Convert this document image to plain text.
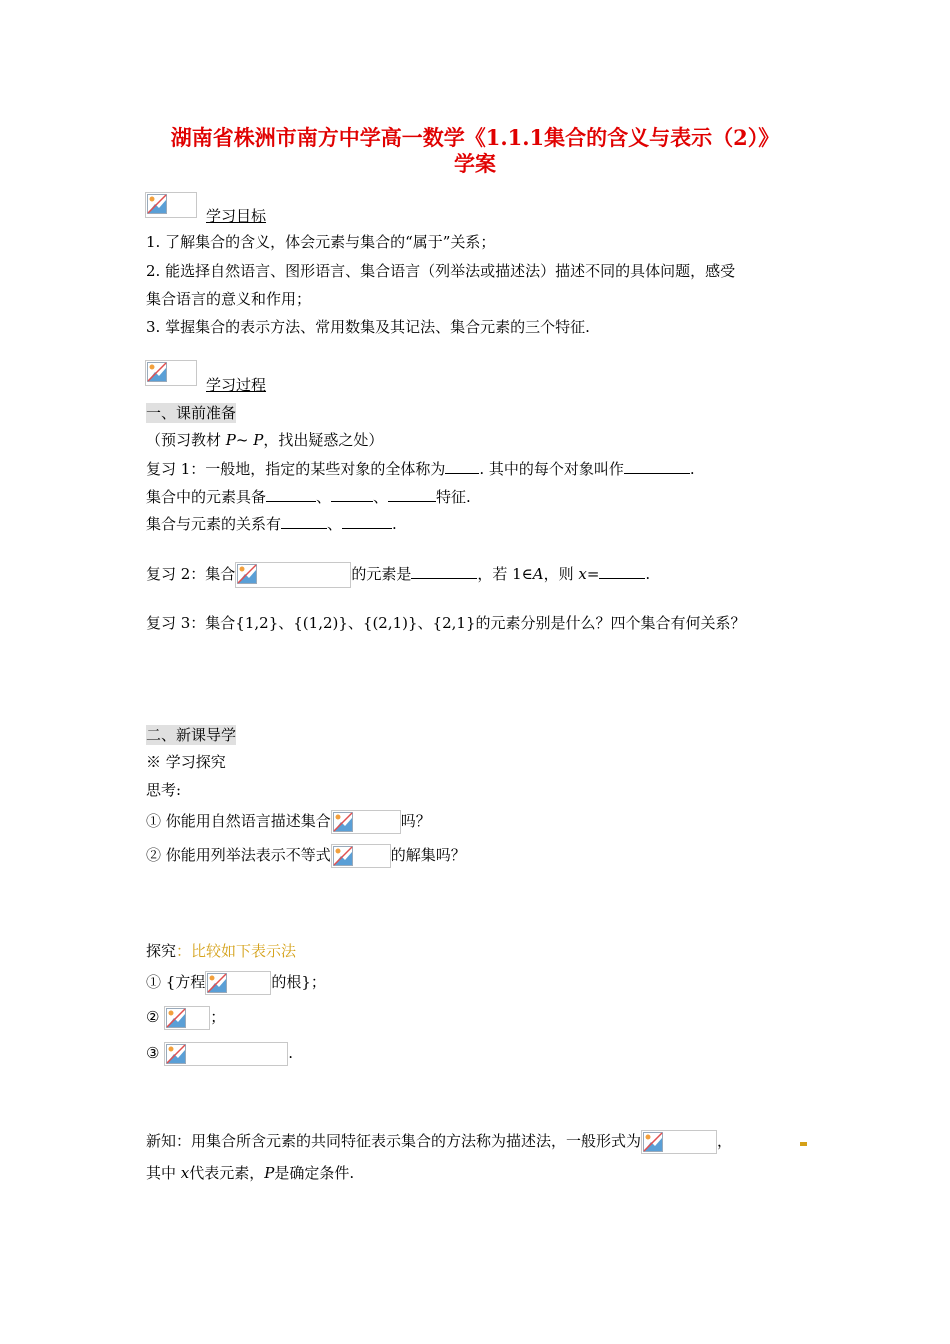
湖南省株洲市南方中学高一数学《1.1.1集合的含义与表示（2）》
学案
学习目标
1. 了解集合的含义，体会元素与集合的“属于”关系；
2. 能选择自然语言、图形语言、集合语言（列举法或描述法）描述不同的具体问题，感受
集合语言的意义和作用；
3. 掌握集合的表示方法、常用数集及其记法、集合元素的三个特征.
学习过程
一、课前准备
（预习教材 P~ P，找出疑惑之处）
复习 1：一般地，指定的某些对象的全体称为 . 其中的每个对象叫作	.
集合中的元素具备	、	、	特征.
集合与元素的关系有	、	.
复习 2：集合	的元素是	，若 1∈A，则 x=	.
复习 3：集合{1,2}、{(1,2)}、{(2,1)}、{2,1}的元素分别是什么？四个集合有何关系？
二、新课导学
※ 学习探究
思考:
① 你能用自然语言描述集合	吗？
② 你能用列举法表示不等式	的解集吗？
探究：比较如下表示法
① {方程	的根}；
②	；
③	.
新知：用集合所含元素的共同特征表示集合的方法称为描述法，一般形式为	，
其中 x代表元素，P是确定条件.
